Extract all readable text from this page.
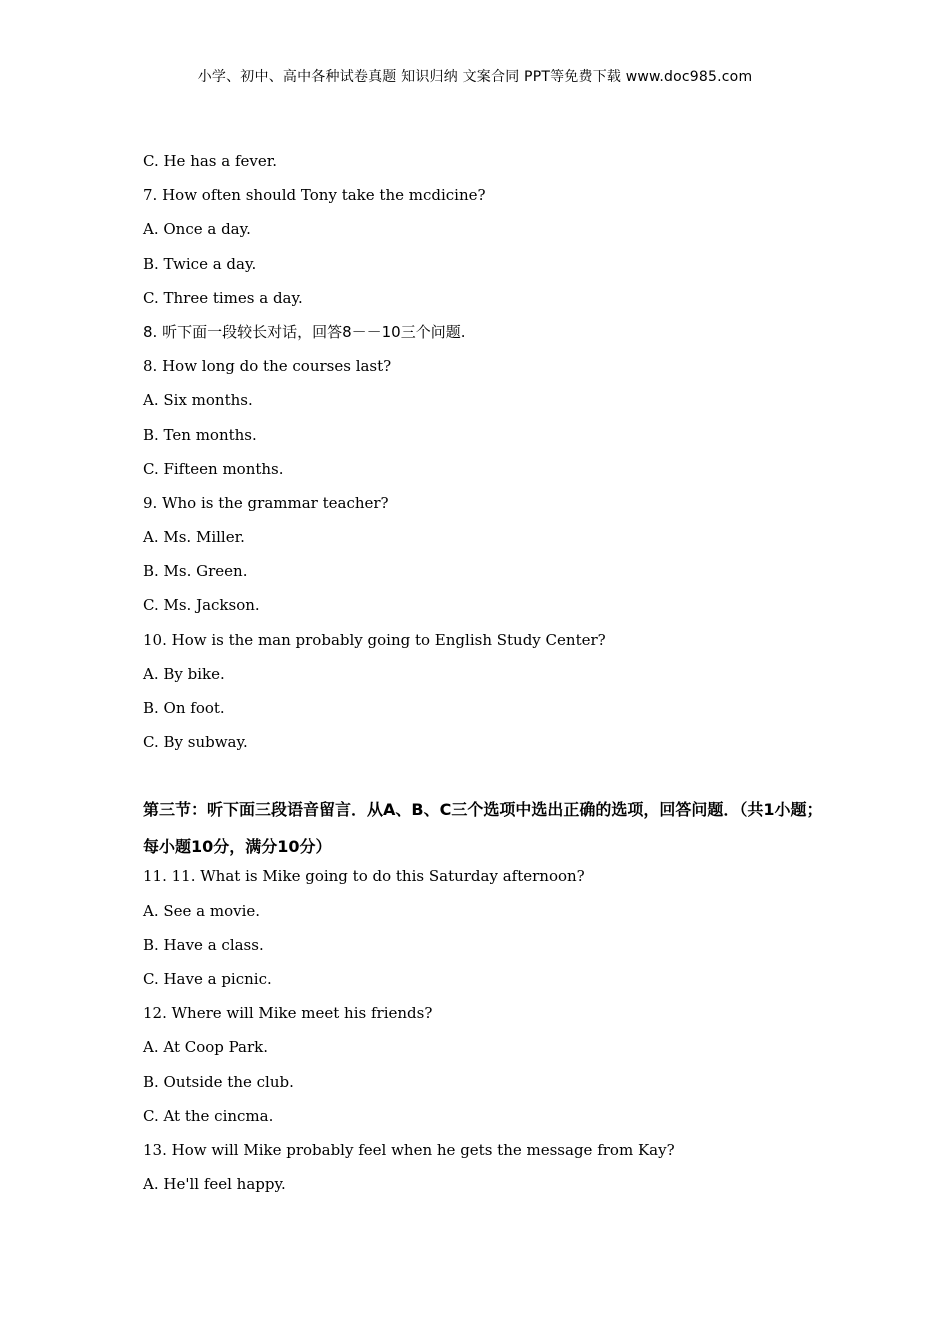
小学、初中、高中各种试卷真题 知识归纳 文案合同 PPT等免费下载 www.doc985.com
C. He has a fever.
7. How often should Tony take the mcdicine?
A. Once a day.
B. Twice a day.
C. Three times a day.
8. 听下面一段较长对话，回答8－－10三个问题.
8. How long do the courses last?
A. Six months.
B. Ten months.
C. Fifteen months.
9. Who is the grammar teacher?
A. Ms. Miller.
B. Ms. Green.
C. Ms. Jackson.
10. How is the man probably going to English Study Center?
A. By bike.
B. On foot.
C. By subway.
第三节：听下面三段语音留言．从A、B、C三个选项中选出正确的选项，回答问题．（共1小题；每小题10分，满分10分）
11. 11. What is Mike going to do this Saturday afternoon?
A. See a movie.
B. Have a class.
C. Have a picnic.
12. Where will Mike meet his friends?
A. At Coop Park.
B. Outside the club.
C. At the cincma.
13. How will Mike probably feel when he gets the message from Kay?
A. He'll feel happy.
